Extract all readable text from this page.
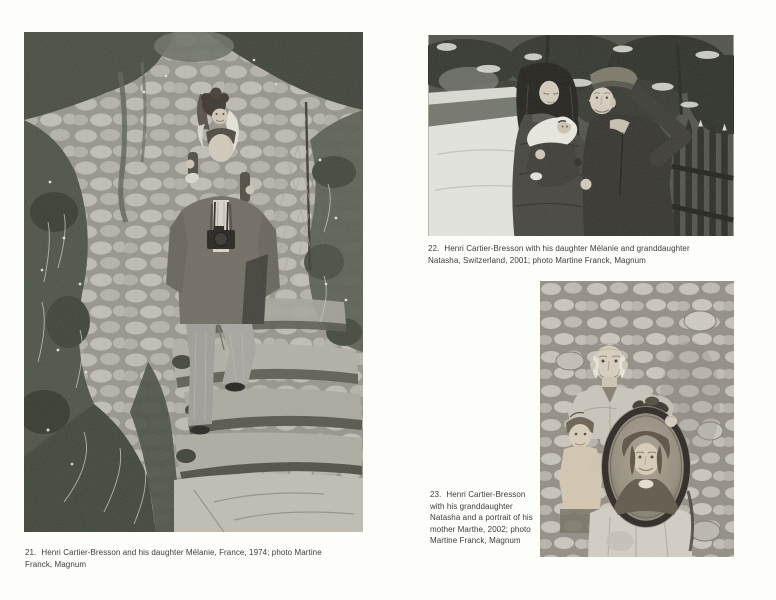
21. Henri Cartier-Bresson and his daughter Mélanie, France, 1974; photo Martine Franck, Magnum
22. Henri Cartier-Bresson with his daughter Mélanie and granddaughter Natasha, Switzerland, 2001; photo Martine Franck, Magnum
23. Henri Cartier-Bresson with his granddaughter Natasha and a portrait of his mother Marthe, 2002; photo Martine Franck, Magnum
